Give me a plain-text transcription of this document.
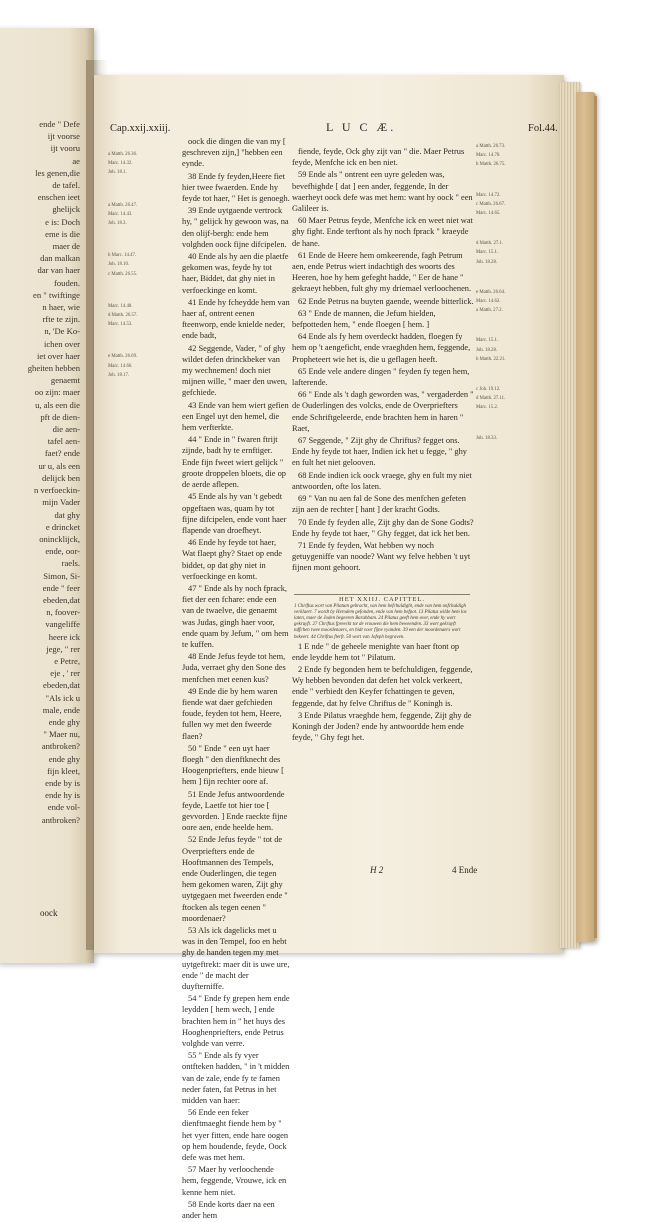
ende " Defe
ijt voorse
ijt vooru
ae
les genen,die
de tafel.
enschen ieet
ghelijck
e is: Doch
eme is die
maer de
dan malkan
dar van haer
fouden.
en " twiftinge
n haer, wie
rfte te zijn.
n, 'De Ko-
ichen over
iet over haer
gheiten hebben
genaemt
oo zijn: maer
u, als een die
pft de dien-
die aen-
tafel aen-
faet? ende
ur u, als een
delijck ben
n verfoeckin-
mijn Vader
dat ghy
e drincket
onincklijck,
ende, oor-
raels.
Simon, Si-
ende " feer
ebeden,dat
n, foover-
vangeliffe
heere ick
jege, " rer
e Petre,
eje , ' rer
ebeden,dat
"Als ick u
male, ende
ende ghy
" Maer nu,
antbroken?
ende ghy
fijn kleet,
ende by is
ende hy is
ende vol-
antbroken?
oock
Cap.xxij.xxiij.	L U C Æ.	Fol.44.
a Matth. 26.36.
Marc. 14.32.
Joh. 18.1.
a Matth. 26.47.
Marc. 14.43.
Joh. 18.3.
b Marc. 14.47.
Joh. 18.10.
c Matth. 26.55.
Marc. 14.48.
d Matth. 26.57.
Marc. 14.53.
e Matth. 26.69.
Marc. 14.66.
Joh. 18.17.

oock die dingen die van my [ geschreven zijn,] "hebben een eynde.

38 Ende fy feyden,Heere fiet hier twee fwaerden. Ende hy feyde tot haer, " Het is genoegh.

39 Ende uytgaende vertrock hy, " gelijck hy gewoon was, na den olijf-bergh: ende hem volghden oock fijne difcipelen.

40 Ende als hy aen die plaetfe gekomen was, feyde hy tot haer, Biddet, dat ghy niet in verfoeckinge en komt.

41 Ende hy fcheydde hem van haer af, ontrent eenen fteenworp, ende knielde neder, ende badt,

42 Seggende, Vader, " of ghy wildet defen drinckbeker van my wechnemen! doch niet mijnen wille, " maer den uwen, gefchiede.

43 Ende van hem wiert gefien een Engel uyt den hemel, die hem verfterkte.

44 " Ende in " fwaren ftrijt zijnde, badt hy te ernftiger. Ende fijn fweet wiert gelijck " groote droppelen bloets, die op de aerde aflepen.

45 Ende als hy van 't gebedt opgeftaen was, quam hy tot fijne difcipelen, ende vont haer flapende van droefheyt.

46 Ende hy feyde tot haer, Wat flaept ghy? Staet op ende biddet, op dat ghy niet in verfoeckinge en komt.

47 " Ende als hy noch fprack, fiet der een fchare: ende een van de twaelve, die genaemt was Judas, gingh haer voor, ende quam by Jefum, " om hem te kuffen.

48 Ende Jefus feyde tot hem, Juda, verraet ghy den Sone des menfchen met eenen kus?

49 Ende die by hem waren fiende wat daer gefchieden foude, feyden tot hem, Heere, fullen wy met den fweerde flaen?

50 " Ende " een uyt haer floegh " den dienftknecht des Hoogenpriefters, ende hieuw [ hem ] fijn rechter oore af.

51 Ende Jefus antwoordende feyde, Laetfe tot hier toe [ gevvorden. ] Ende raeckte fijne oore aen, ende heelde hem.

52 Ende Jefus feyde " tot de Overpriefters ende de Hooftmannen des Tempels, ende Ouderlingen, die tegen hem gekomen waren, Zijt ghy uytgegaen met fweerden ende " ftocken als tegen eenen " moordenaer?

53 Als ick dagelicks met u was in den Tempel, foo en hebt ghy de handen tegen my met uytgeftrekt: maer dit is uwe ure, ende " de macht der duyfterniffe.

54 " Ende fy grepen hem ende leydden [ hem wech, ] ende brachten hem in " het huys des Hooghenpriefters, ende Petrus volghde van verre.

55 " Ende als fy vyer ontfteken hadden, " in 't midden van de zale, ende fy te famen neder faten, fat Petrus in het midden van haer:

56 Ende een feker dienftmaeght fiende hem by " het vyer fitten, ende hare oogen op hem houdende, feyde, Oock defe was met hem.

57 Maer hy verloochende hem, feggende, Vrouwe, ick en kenne hem niet.

58 Ende korts daer na een ander hem

fiende, feyde, Ock ghy zijt van " die. Maer Petrus feyde, Menfche ick en ben niet.

59 Ende als " ontrent een uyre geleden was, bevefhighde [ dat ] een ander, feggende, In der waerheyt oock defe was met hem: want hy oock " een Galileer is.

60 Maer Petrus feyde, Menfche ick en weet niet wat ghy fight. Ende terftont als hy noch fprack " kraeyde de hane.

61 Ende de Heere hem omkeerende, fagh Petrum aen, ende Petrus wiert indachtigh des woorts des Heeren, hoe hy hem gefeght hadde, " Eer de hane " gekraeyt hebben, fult ghy my driemael verloochenen.

62 Ende Petrus na buyten gaende, weende bitterlick.

63 " Ende de mannen, die Jefum hielden, befpotteden hem, " ende floegen [ hem. ]

64 Ende als fy hem overdeckt hadden, floegen fy hem op 't aengeficht, ende vraeghden hem, feggende, Propheteert wie het is, die u geflagen heeft.

65 Ende vele andere dingen " feyden fy tegen hem, lafterende.

66 " Ende als 't dagh geworden was, " vergaderden " de Ouderlingen des volcks, ende de Overpriefters ende Schriftgeleerde, ende brachten hem in haren " Raet,

67 Seggende, " Zijt ghy de Chriftus? fegget ons. Ende hy feyde tot haer, Indien ick het u fegge, " ghy en fult het niet gelooven.

68 Ende indien ick oock vraege, ghy en fult my niet antwoorden, ofte los laten.

69 " Van nu aen fal de Sone des menfchen gefeten zijn aen de rechter [ hant ] der kracht Godts.

70 Ende fy feyden alle, Zijt ghy dan de Sone Godts? Ende hy feyde tot haer, " Ghy fegget, dat ick het ben.

71 Ende fy feyden, Wat hebben wy noch getuygeniffe van noode? Want wy felve hebben 't uyt fijnen mont gehoort.

1 E nde " de geheele menighte van haer ftont op ende leydde hem tot " Pilatum.

2 Ende fy begonden hem te befchuldigen, feggende, Wy hebben bevonden dat defen het volck verkeert, ende " verbiedt den Keyfer fchattingen te geven, feggende, dat hy felve Chriftus de " Koningh is.

3 Ende Pilatus vraeghde hem, feggende, Zijt ghy de Koningh der Joden? ende hy antwoordde hem ende feyde, " Ghy fegt het.

HET XXIIJ. CAPITTEL.
1 Chriftus wort van Pilatum gebracht, van hem befchuldight, ende van hem onfchuldigh verklaert. 7 wordt by Herodem gefonden, ende van hem befpot. 13 Pilatus wilde hem los laten, maer de Joden begeeren Barabbam. 24 Pilatus geeft hem over, ende hy wort gekruyft. 27 Chriftus fpreeckt tot de vrouwen die hem beweenden. 33 wort gekruyft tuffchen twee moordenaers, en bidt voor fijne vyanden. 39 een der moordenaers wort bekeert. 44 Chriftus fterft. 50 wort van Jofeph begraven.
a Matth. 26.73.
Marc. 14.70.
b Matth. 26.75.
Marc. 14.72.
c Matth. 26.67.
Marc. 14.65.
d Matth. 27.1.
Marc. 15.1.
Joh. 18.28.
e Matth. 26.64.
Marc. 14.62.
a Matth. 27.2.
Marc. 15.1.
Joh. 18.28.
b Matth. 22.21.
c Joh. 19.12.
d Matth. 27.11.
Marc. 15.2.
Joh. 18.33.
H 2	4 Ende
